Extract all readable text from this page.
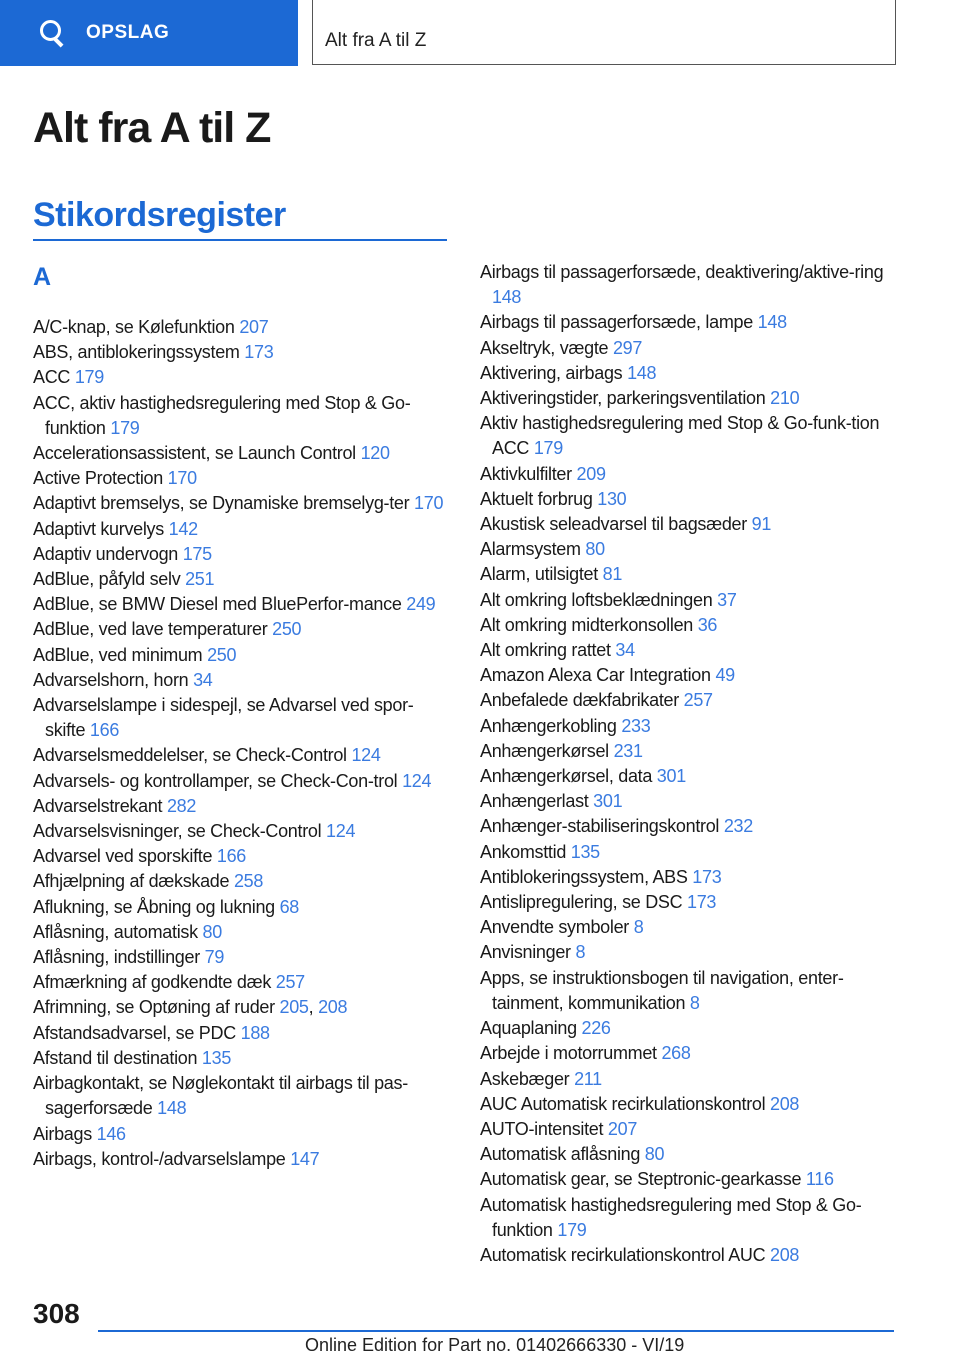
OPSLAG	Alt fra A til Z
Alt fra A til Z
Stikordsregister
A
A/C-knap, se Kølefunktion 207
ABS, antiblokeringssystem 173
ACC 179
ACC, aktiv hastighedsregulering med Stop & Go-funktion 179
Accelerationsassistent, se Launch Control 120
Active Protection 170
Adaptivt bremselys, se Dynamiske bremselyg-ter 170
Adaptivt kurvelys 142
Adaptiv undervogn 175
AdBlue, påfyld selv 251
AdBlue, se BMW Diesel med BluePerfor-mance 249
AdBlue, ved lave temperaturer 250
AdBlue, ved minimum 250
Advarselshorn, horn 34
Advarselslampe i sidespejl, se Advarsel ved spor-skifte 166
Advarselsmeddelelser, se Check-Control 124
Advarsels- og kontrollamper, se Check-Con-trol 124
Advarselstrekant 282
Advarselsvisninger, se Check-Control 124
Advarsel ved sporskifte 166
Afhjælpning af dækskade 258
Aflukning, se Åbning og lukning 68
Aflåsning, automatisk 80
Aflåsning, indstillinger 79
Afmærkning af godkendte dæk 257
Afrimning, se Optøning af ruder 205, 208
Afstandsadvarsel, se PDC 188
Afstand til destination 135
Airbagkontakt, se Nøglekontakt til airbags til pas-sagerforsæde 148
Airbags 146
Airbags, kontrol-/advarselslampe 147
Airbags til passagerforsæde, deaktivering/aktive-ring 148
Airbags til passagerforsæde, lampe 148
Akseltryk, vægte 297
Aktivering, airbags 148
Aktiveringstider, parkeringsventilation 210
Aktiv hastighedsregulering med Stop & Go-funk-tion ACC 179
Aktivkulfilter 209
Aktuelt forbrug 130
Akustisk seleadvarsel til bagsæder 91
Alarmsystem 80
Alarm, utilsigtet 81
Alt omkring loftsbeklædningen 37
Alt omkring midterkonsollen 36
Alt omkring rattet 34
Amazon Alexa Car Integration 49
Anbefalede dækfabrikater 257
Anhængerkobling 233
Anhængerkørsel 231
Anhængerkørsel, data 301
Anhængerlast 301
Anhænger-stabiliseringskontrol 232
Ankomsttid 135
Antiblokeringssystem, ABS 173
Antislipregulering, se DSC 173
Anvendte symboler 8
Anvisninger 8
Apps, se instruktionsbogen til navigation, enter-tainment, kommunikation 8
Aquaplaning 226
Arbejde i motorrummet 268
Askebæger 211
AUC Automatisk recirkulationskontrol 208
AUTO-intensitet 207
Automatisk aflåsning 80
Automatisk gear, se Steptronic-gearkasse 116
Automatisk hastighedsregulering med Stop & Go-funktion 179
Automatisk recirkulationskontrol AUC 208
308
Online Edition for Part no. 01402666330 - VI/19
